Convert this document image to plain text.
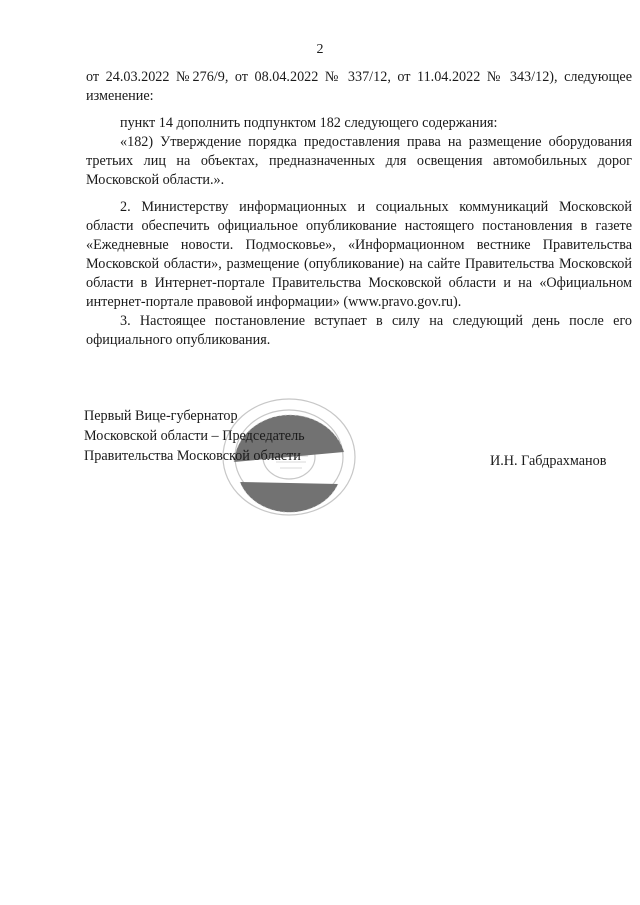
2

от 24.03.2022 №276/9, от 08.04.2022 № 337/12, от 11.04.2022 № 343/12), следующее изменение:

пункт 14 дополнить подпунктом 182 следующего содержания:

«182) Утверждение порядка предоставления права на размещение оборудования третьих лиц на объектах, предназначенных для освещения автомобильных дорог Московской области.».

2. Министерству информационных и социальных коммуникаций Московской области обеспечить официальное опубликование настоящего постановления в газете «Ежедневные новости. Подмосковье», «Информационном вестнике Правительства Московской области», размещение (опубликование) на сайте Правительства Московской области в Интернет-портале Правительства Московской области и на «Официальном интернет-портале правовой информации» (www.pravo.gov.ru).

3. Настоящее постановление вступает в силу на следующий день после его официального опубликования.

Первый Вице-губернатор
Московской области – Председатель
Правительства Московской области	И.Н. Габдрахманов
